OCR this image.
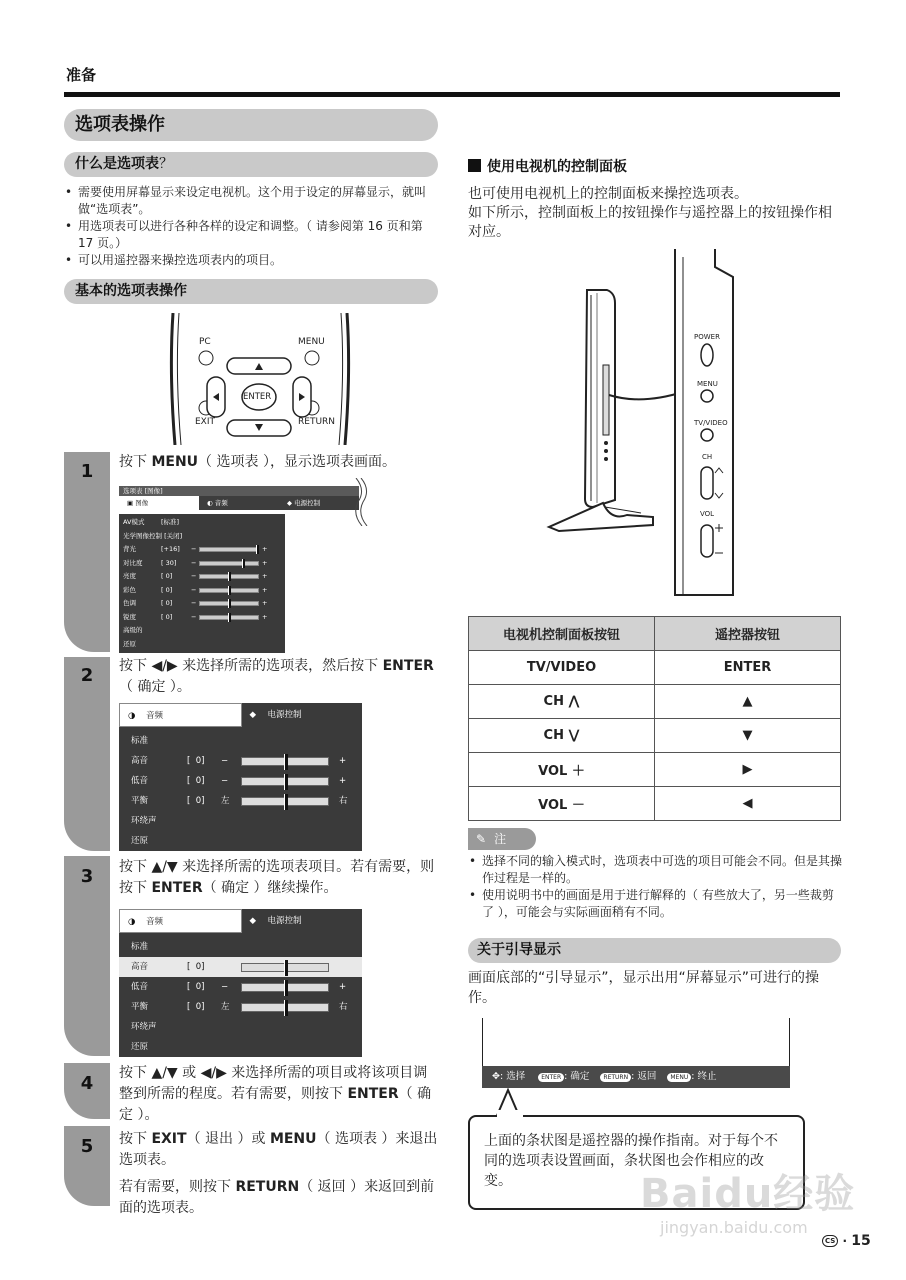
准备
选项表操作
什么是选项表？
• 需要使用屏幕显示来设定电视机。这个用于设定的屏幕显示，就叫做“选项表”。
• 用选项表可以进行各种各样的设定和调整。（ 请参阅第 16 页和第 17 页。）
• 可以用遥控器来操控选项表内的项目。
基本的选项表操作
PC	MENU
ENTER
EXIT	RETURN
1
2
3
4
5
按下 MENU（ 选项表 ），显示选项表画面。
按下 ◀/▶ 来选择所需的选项表，然后按下 ENTER（ 确定 ）。
按下 ▲/▼ 来选择所需的选项表项目。若有需要，则按下 ENTER（ 确定 ）继续操作。
按下 ▲/▼ 或 ◀/▶ 来选择所需的项目或将该项目调整到所需的程度。若有需要，则按下 ENTER（ 确定 ）。
按下 EXIT（ 退出 ）或 MENU（ 选项表 ）来退出选项表。
若有需要，则按下 RETURN（ 返回 ）来返回到前面的选项表。
选项表 [图像]
▣ 图像	◐ 音频	◆ 电源控制
AV模式	[标准]
光学图像控制 [关闭]
背光	[+16]	−	+
对比度	[ 30]	−	+
亮度	[ 0]	−	+
彩色	[ 0]	−	+
色调	[ 0]	−	+
锐度	[ 0]	−	+
高级的
还原
◑ 音频	◆ 电源控制
标准
高音	[  0]	−	+
低音	[  0]	−	+
平衡	[  0]	左	右
环绕声
还原
◑ 音频	◆ 电源控制
标准
高音	[  0]
低音	[  0]	−	+
平衡	[  0]	左	右
环绕声
还原
使用电视机的控制面板
也可使用电视机上的控制面板来操控选项表。
如下所示，控制面板上的按钮操作与遥控器上的按钮操作相对应。
POWER
MENU
TV/VIDEO
CH
VOL
电视机控制面板按钮	遥控器按钮
TV/VIDEO	ENTER
CH ⋀	▲
CH ⋁	▼
VOL ＋	▶
VOL －	◀
✎ 注
• 选择不同的输入模式时，选项表中可选的项目可能会不同。但是其操作过程是一样的。
• 使用说明书中的画面是用于进行解释的（ 有些放大了，另一些裁剪了 ），可能会与实际画面稍有不同。
关于引导显示
画面底部的“引导显示”，显示出用“屏幕显示”可进行的操作。
✥: 选择	ENTER : 确定 RETURN : 返回 MENU : 终止
上面的条状图是遥控器的操作指南。对于每个不同的选项表设置画面，条状图也会作相应的改变。	Baidu经验
jingyan.baidu.com
CS · 15
